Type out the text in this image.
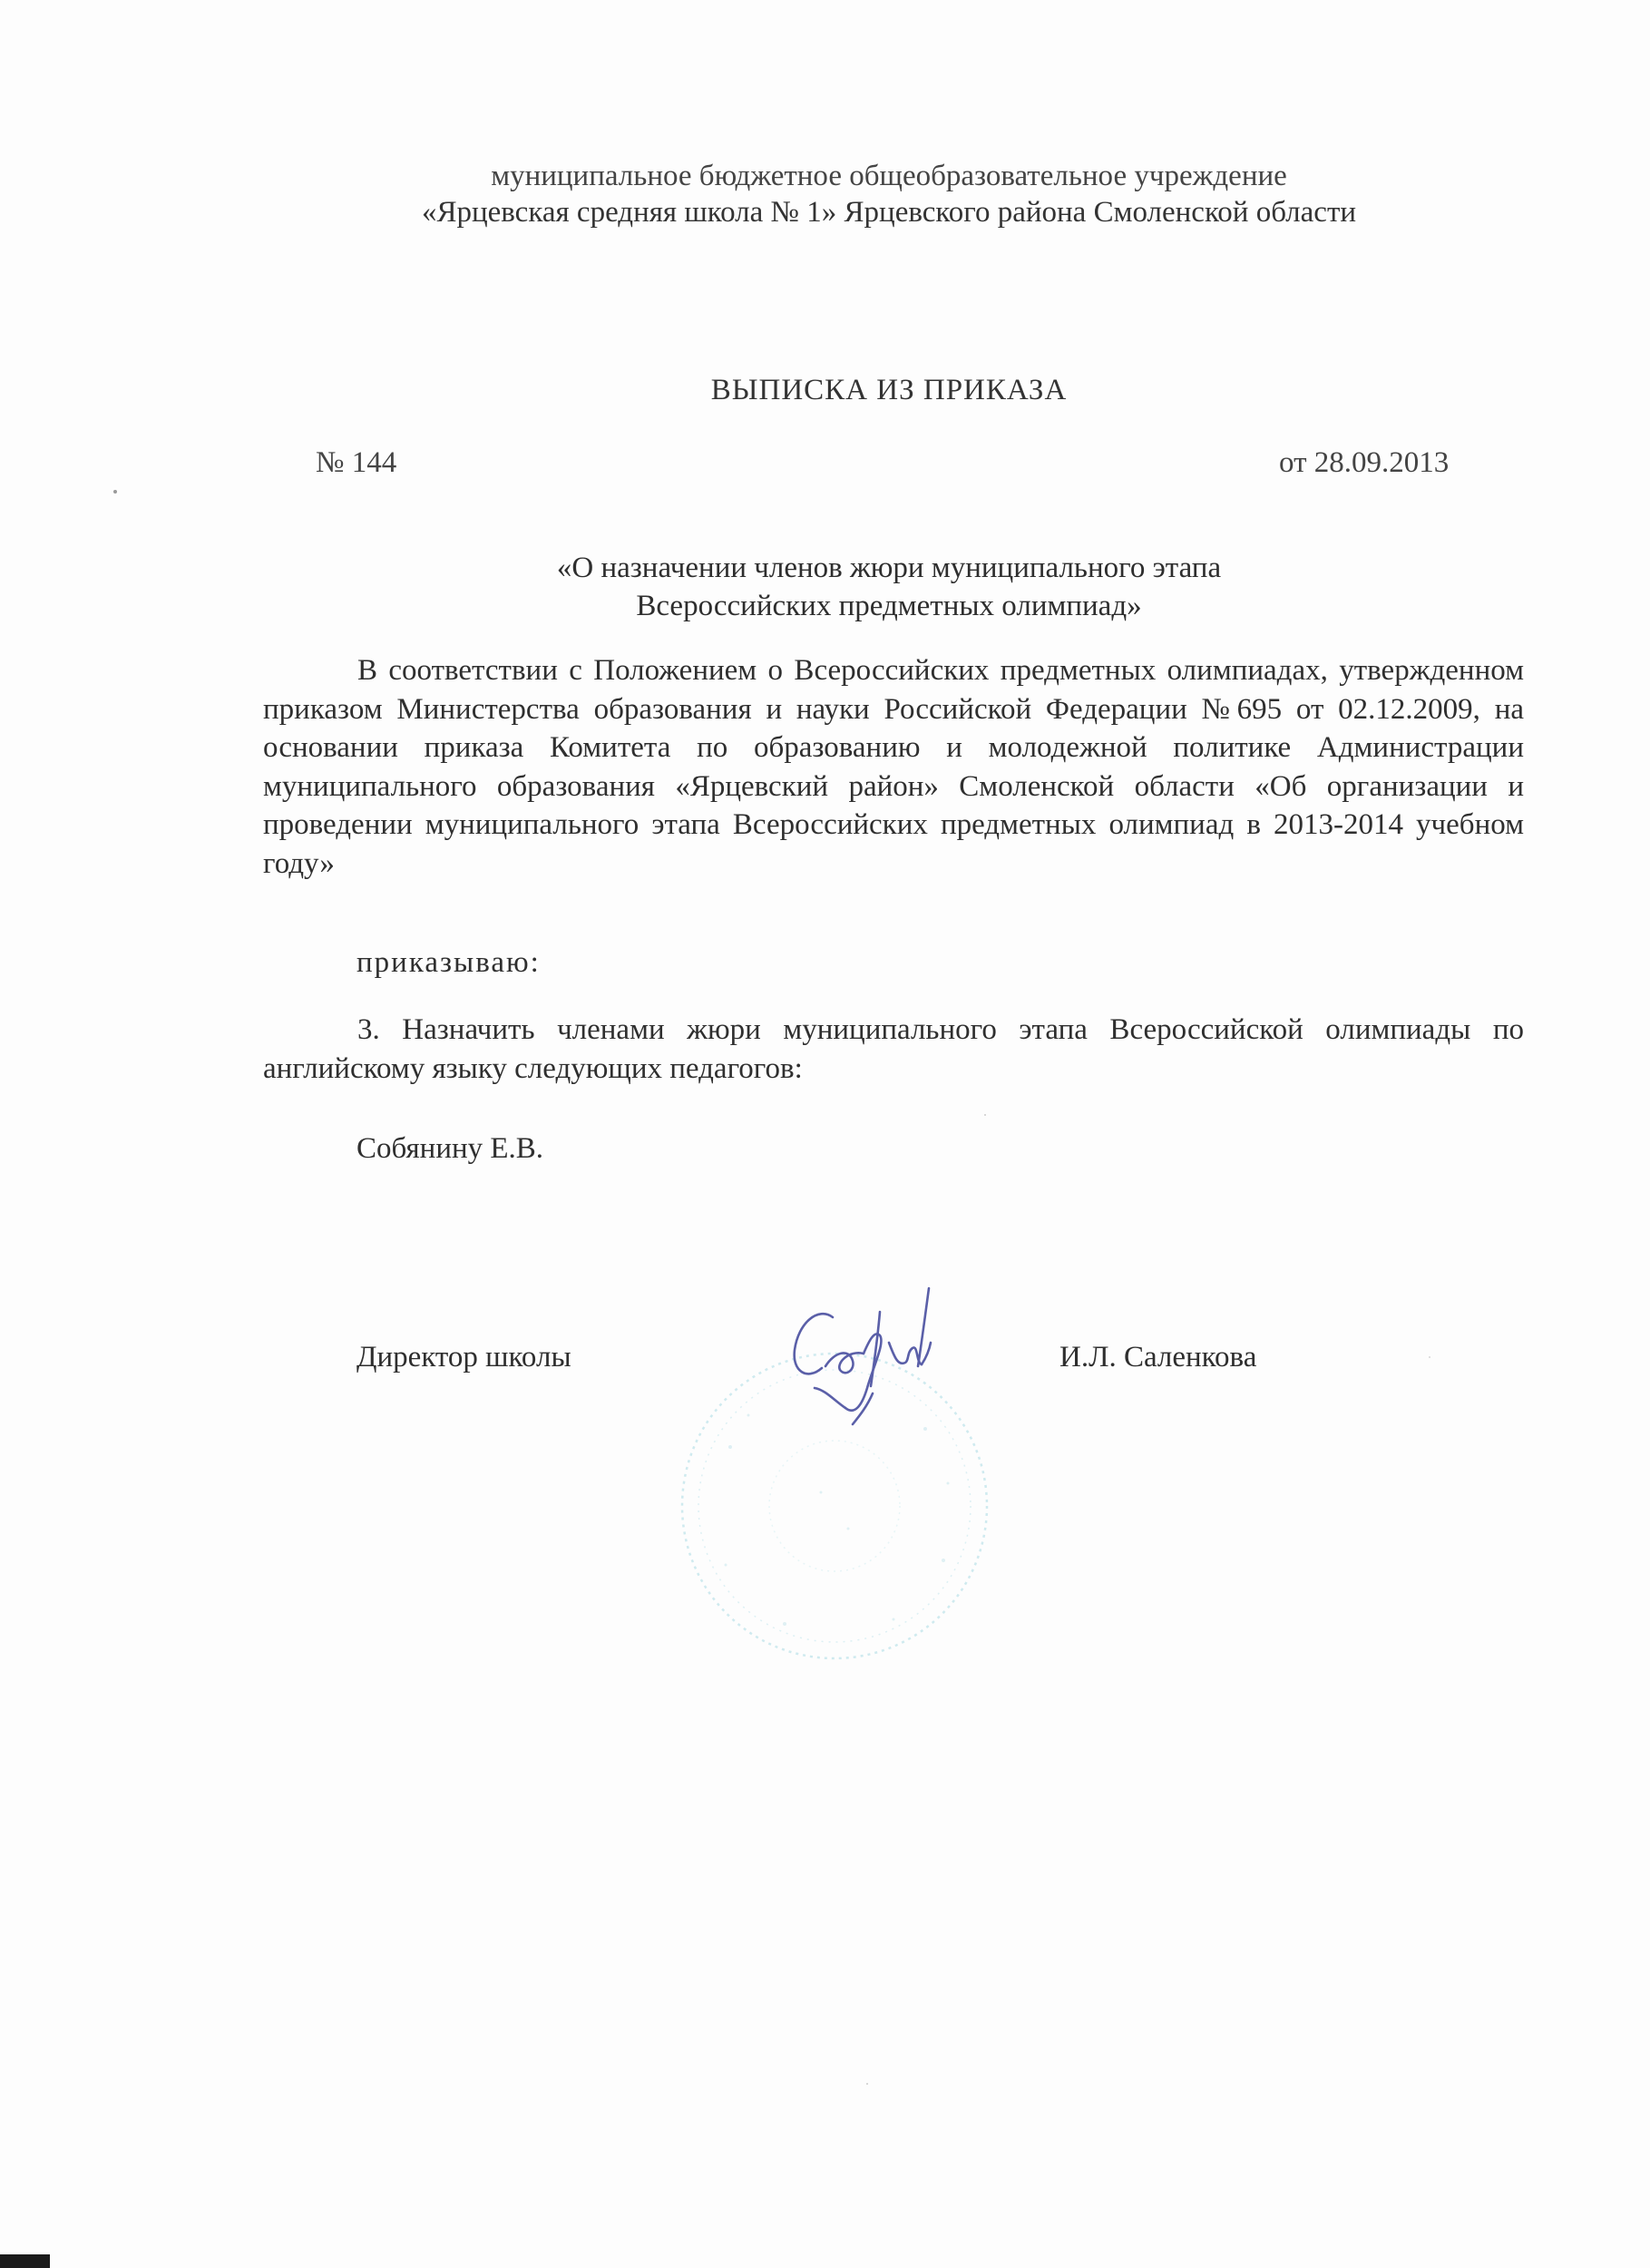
муниципальное бюджетное общеобразовательное учреждение
«Ярцевская средняя школа № 1» Ярцевского района Смоленской области
ВЫПИСКА ИЗ ПРИКАЗА
№ 144	от 28.09.2013
«О назначении членов жюри муниципального этапа
Всероссийских предметных олимпиад»
В соответствии с Положением о Всероссийских предметных олимпиадах, утвержденном приказом Министерства образования и науки Российской Федерации №695 от 02.12.2009, на основании приказа Комитета по образованию и молодежной политике Администрации муниципального образования «Ярцевский район» Смоленской области «Об организации и проведении муниципального этапа Всероссийских предметных олимпиад в 2013-2014 учебном году»
приказываю:
3. Назначить членами жюри муниципального этапа Всероссийской олимпиады по английскому языку следующих педагогов:
Собянину Е.В.
Директор школы	И.Л. Саленкова
